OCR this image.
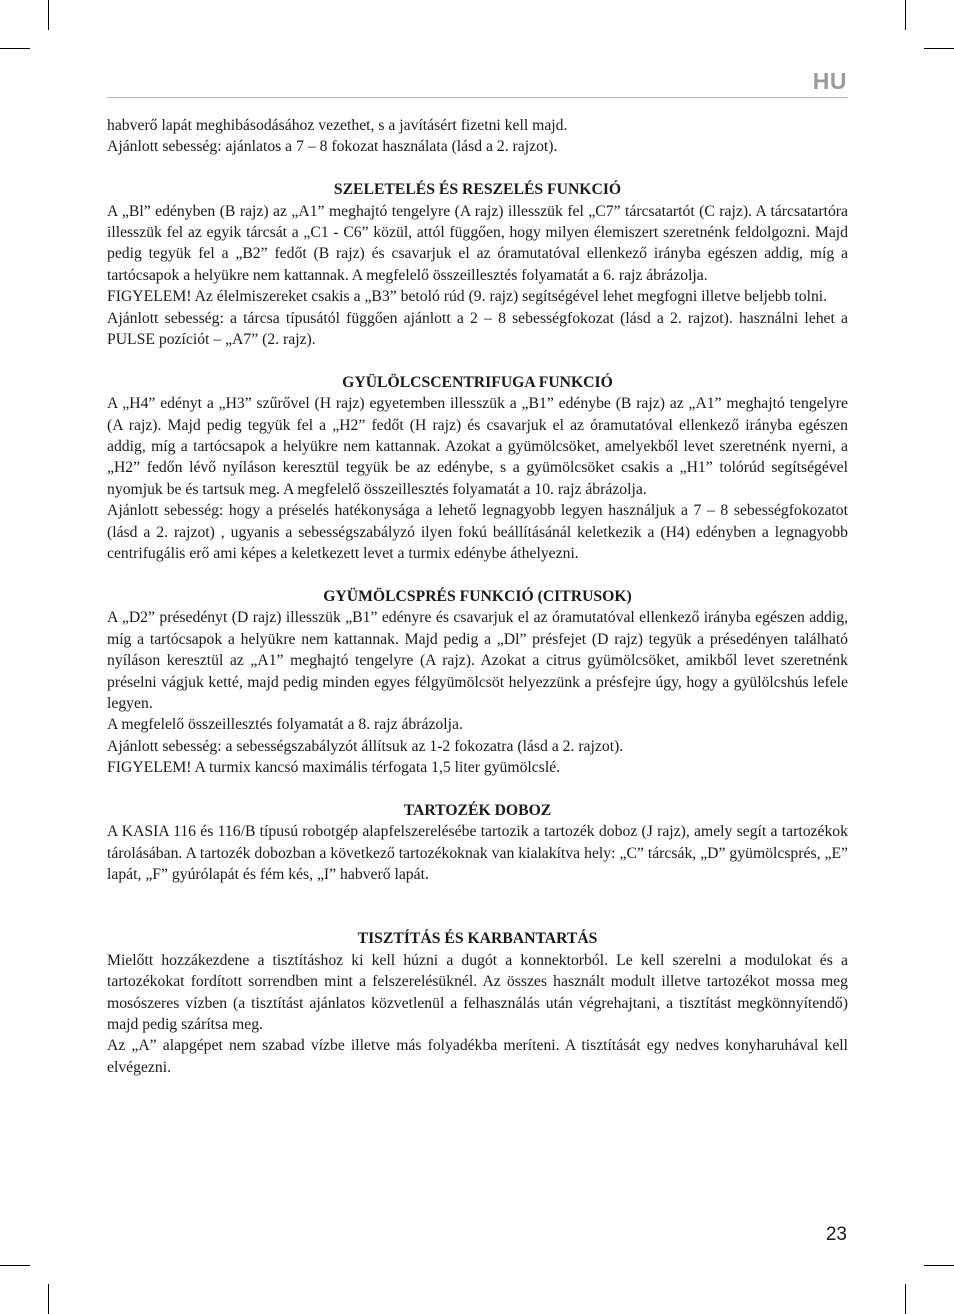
HU

habverő lapát meghibásodásához vezethet, s a javításért fizetni kell majd.

Ajánlott sebesség: ajánlatos a 7 – 8 fokozat használata (lásd a 2. rajzot).

SZELETELÉS ÉS RESZELÉS FUNKCIÓ

A „Bl” edényben (B rajz) az „A1” meghajtó tengelyre (A rajz) illesszük fel „C7” tárcsatartót (C rajz). A tárcsatartóra illesszük fel az egyik tárcsát a „C1 - C6” közül, attól függően, hogy milyen élemiszert szeretnénk feldolgozni. Majd pedig tegyük fel a „B2” fedőt (B rajz) és csavarjuk el az óramutatóval ellenkező irányba egészen addig, míg a tartócsapok a helyükre nem kattannak. A megfelelő összeillesztés folyamatát a 6. rajz ábrázolja.

FIGYELEM! Az élelmiszereket csakis a „B3” betoló rúd (9. rajz) segítségével lehet megfogni illetve beljebb tolni.

Ajánlott sebesség: a tárcsa típusától függően ajánlott a 2 – 8 sebességfokozat (lásd a 2. rajzot). használni lehet a PULSE pozíciót – „A7” (2. rajz).

GYÜLÖLCSCENTRIFUGA FUNKCIÓ

A „H4” edényt a „H3” szűrővel (H rajz) egyetemben illesszük a „B1” edénybe (B rajz) az „A1” meghajtó tengelyre (A rajz). Majd pedig tegyük fel a „H2” fedőt (H rajz) és csavarjuk el az óramutatóval ellenkező irányba egészen addig, míg a tartócsapok a helyükre nem kattannak. Azokat a gyümölcsöket, amelyekből levet szeretnénk nyerni, a „H2” fedőn lévő nyíláson keresztül tegyük be az edénybe, s a gyümölcsöket csakis a „H1” tolórúd segítségével nyomjuk be és tartsuk meg. A megfelelő összeillesztés folyamatát a 10. rajz ábrázolja.

Ajánlott sebesség: hogy a préselés hatékonysága a lehető legnagyobb legyen használjuk a 7 – 8 sebességfokozatot (lásd a 2. rajzot) , ugyanis a sebességszabályzó ilyen fokú beállításánál keletkezik a (H4) edényben a legnagyobb centrifugális erő ami képes a keletkezett levet a turmix edénybe áthelyezni.

GYÜMÖLCSPRÉS FUNKCIÓ (CITRUSOK)

A „D2” présedényt (D rajz) illesszük „B1” edényre és csavarjuk el az óramutatóval ellenkező irányba egészen addig, míg a tartócsapok a helyükre nem kattannak. Majd pedig a „Dl” présfejet (D rajz) tegyük a présedényen található nyíláson keresztül az „A1” meghajtó tengelyre (A rajz). Azokat a citrus gyümölcsöket, amikből levet szeretnénk préselni vágjuk ketté, majd pedig minden egyes félgyümölcsöt helyezzünk a présfejre úgy, hogy a gyülölcshús lefele legyen.

A megfelelő összeillesztés folyamatát a 8. rajz ábrázolja.

Ajánlott sebesség: a sebességszabályzót állítsuk az 1-2 fokozatra (lásd a 2. rajzot).

FIGYELEM! A turmix kancsó maximális térfogata 1,5 liter gyümölcslé.

TARTOZÉK DOBOZ

A KASIA 116 és 116/B típusú robotgép alapfelszerelésébe tartozik a tartozék doboz (J rajz), amely segít a tartozékok tárolásában. A tartozék dobozban a következő tartozékoknak van kialakítva hely: „C” tárcsák, „D” gyümölcsprés, „E” lapát, „F” gyúrólapát és fém kés, „I” habverő lapát.

TISZTÍTÁS ÉS KARBANTARTÁS

Mielőtt hozzákezdene a tisztításhoz ki kell húzni a dugót a konnektorból. Le kell szerelni a modulokat és a tartozékokat fordított sorrendben mint a felszerelésüknél. Az összes használt modult illetve tartozékot mossa meg mosószeres vízben (a tisztítást ajánlatos közvetlenül a felhasználás után végrehajtani, a tisztítást megkönnyítendő) majd pedig szárítsa meg.

Az „A” alapgépet nem szabad vízbe illetve más folyadékba meríteni. A tisztítását egy nedves konyharuhával kell elvégezni.

23
